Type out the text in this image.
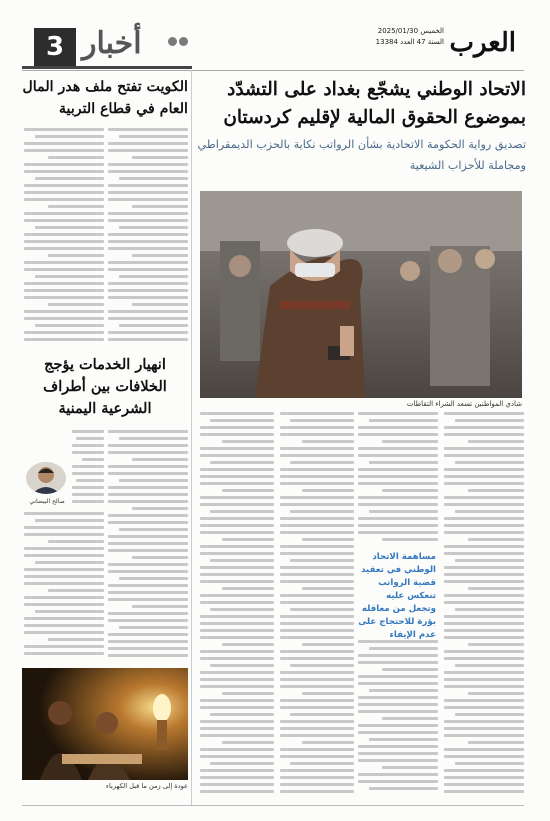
3 أخبار	الخميس 2025/01/30
السنة 47 العدد 13384 العرب
الاتحاد الوطني يشجّع بغداد على التشدّد
بموضوع الحقوق المالية لإقليم كردستان
تصديق رواية الحكومة الاتحادية بشأن الرواتب نكاية بالحزب الديمقراطي
ومجاملة للأحزاب الشيعية
شادي المواطنين تسعد الشراء التقاطات
مساهمة الاتحاد الوطني في تعقيد قضية الرواتب تنعكس عليه وتجعل من معاقله بؤرة للاحتجاج على عدم الإيفاء
الكويت تفتح ملف هدر المال العام في قطاع التربية
انهيار الخدمات يؤجج الخلافات بين أطراف الشرعية اليمنية
صالح البيضاني
عودة إلى زمن ما قبل الكهرباء
